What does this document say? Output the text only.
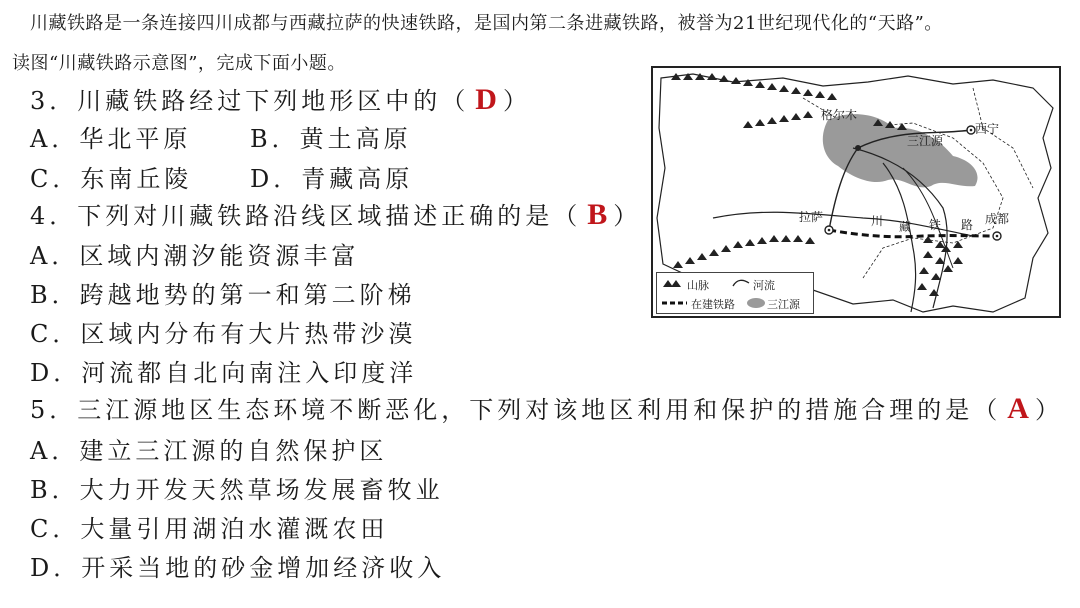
川藏铁路是一条连接四川成都与西藏拉萨的快速铁路，是国内第二条进藏铁路，被誉为21世纪现代化的“天路”。
读图“川藏铁路示意图”，完成下面小题。
3．川藏铁路经过下列地形区中的（ D ）
A．华北平原 B．黄土高原
C．东南丘陵 D．青藏高原
4．下列对川藏铁路沿线区域描述正确的是（ B ）
A．区域内潮汐能资源丰富
B．跨越地势的第一和第二阶梯
C．区域内分布有大片热带沙漠
D．河流都自北向南注入印度洋
5．三江源地区生态环境不断恶化，下列对该地区利用和保护的措施合理的是（ A ）
A．建立三江源的自然保护区
B．大力开发天然草场发展畜牧业
C．大量引用湖泊水灌溉农田
D．开采当地的砂金增加经济收入
格尔木
西宁
三江源
拉萨	成都
川 藏 铁 路
山脉	河流
在建铁路	三江源
